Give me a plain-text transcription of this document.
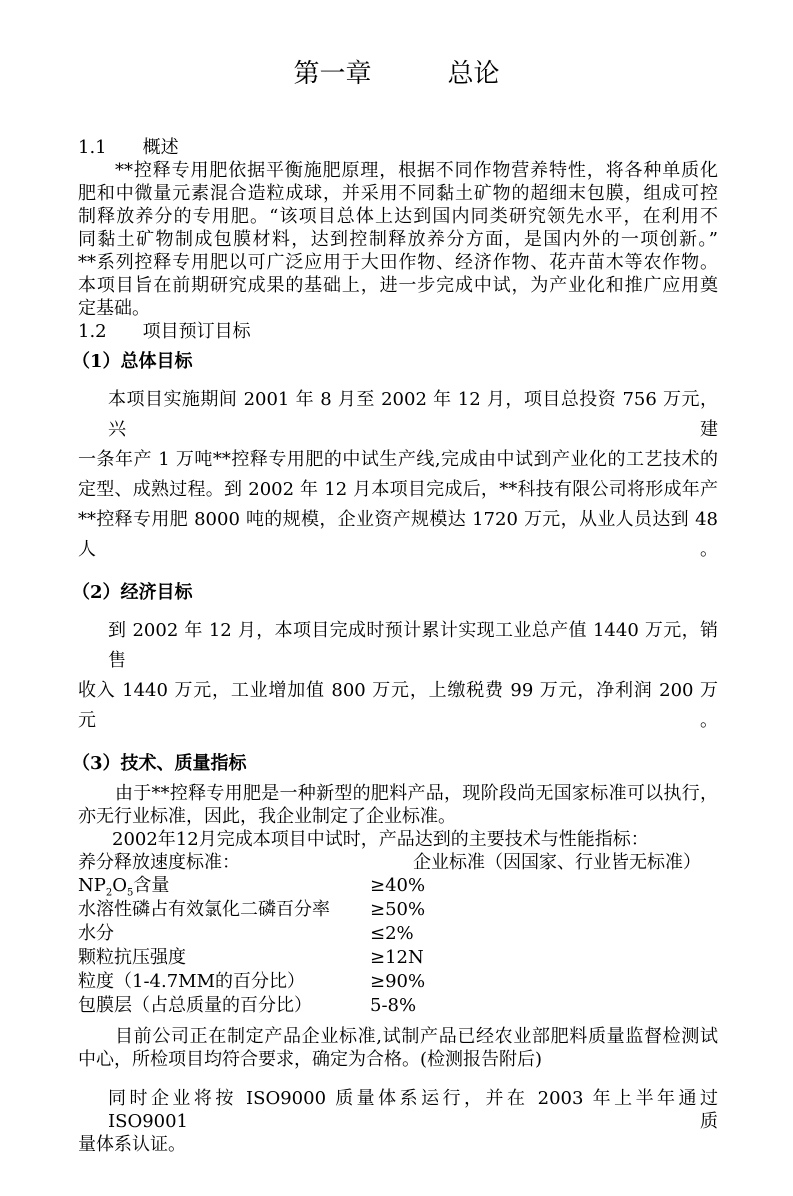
第一章	总论
1.1 概述
**控释专用肥依据平衡施肥原理，根据不同作物营养特性，将各种单质化
肥和中微量元素混合造粒成球，并采用不同黏土矿物的超细末包膜，组成可控
制释放养分的专用肥。“该项目总体上达到国内同类研究领先水平，在利用不
同黏土矿物制成包膜材料，达到控制释放养分方面，是国内外的一项创新。”
**系列控释专用肥以可广泛应用于大田作物、经济作物、花卉苗木等农作物。
本项目旨在前期研究成果的基础上，进一步完成中试，为产业化和推广应用奠
定基础。
1.2 项目预订目标
（1）总体目标
本项目实施期间 2001 年 8 月至 2002 年 12 月，项目总投资 756 万元，兴建
一条年产 1 万吨**控释专用肥的中试生产线,完成由中试到产业化的工艺技术的
定型、成熟过程。到 2002 年 12 月本项目完成后，**科技有限公司将形成年产
**控释专用肥 8000 吨的规模，企业资产规模达 1720 万元，从业人员达到 48 人。
（2）经济目标
到 2002 年 12 月，本项目完成时预计累计实现工业总产值 1440 万元，销售
收入 1440 万元，工业增加值 800 万元，上缴税费 99 万元，净利润 200 万元。
（3）技术、质量指标
由于**控释专用肥是一种新型的肥料产品，现阶段尚无国家标准可以执行，
亦无行业标准，因此，我企业制定了企业标准。
2002年12月完成本项目中试时，产品达到的主要技术与性能指标：
养分释放速度标准：	企业标准（因国家、行业皆无标准）
$NP_2O_5$含量	≥40%
水溶性磷占有效氯化二磷百分率	≥50%
水分	≤2%
颗粒抗压强度	≥12N
粒度（1-4.7MM的百分比）	≥90%
包膜层（占总质量的百分比）	5-8%
目前公司正在制定产品企业标准,试制产品已经农业部肥料质量监督检测试
中心，所检项目均符合要求，确定为合格。(检测报告附后)
同时企业将按 ISO9000 质量体系运行，并在 2003 年上半年通过 ISO9001 质
量体系认证。
